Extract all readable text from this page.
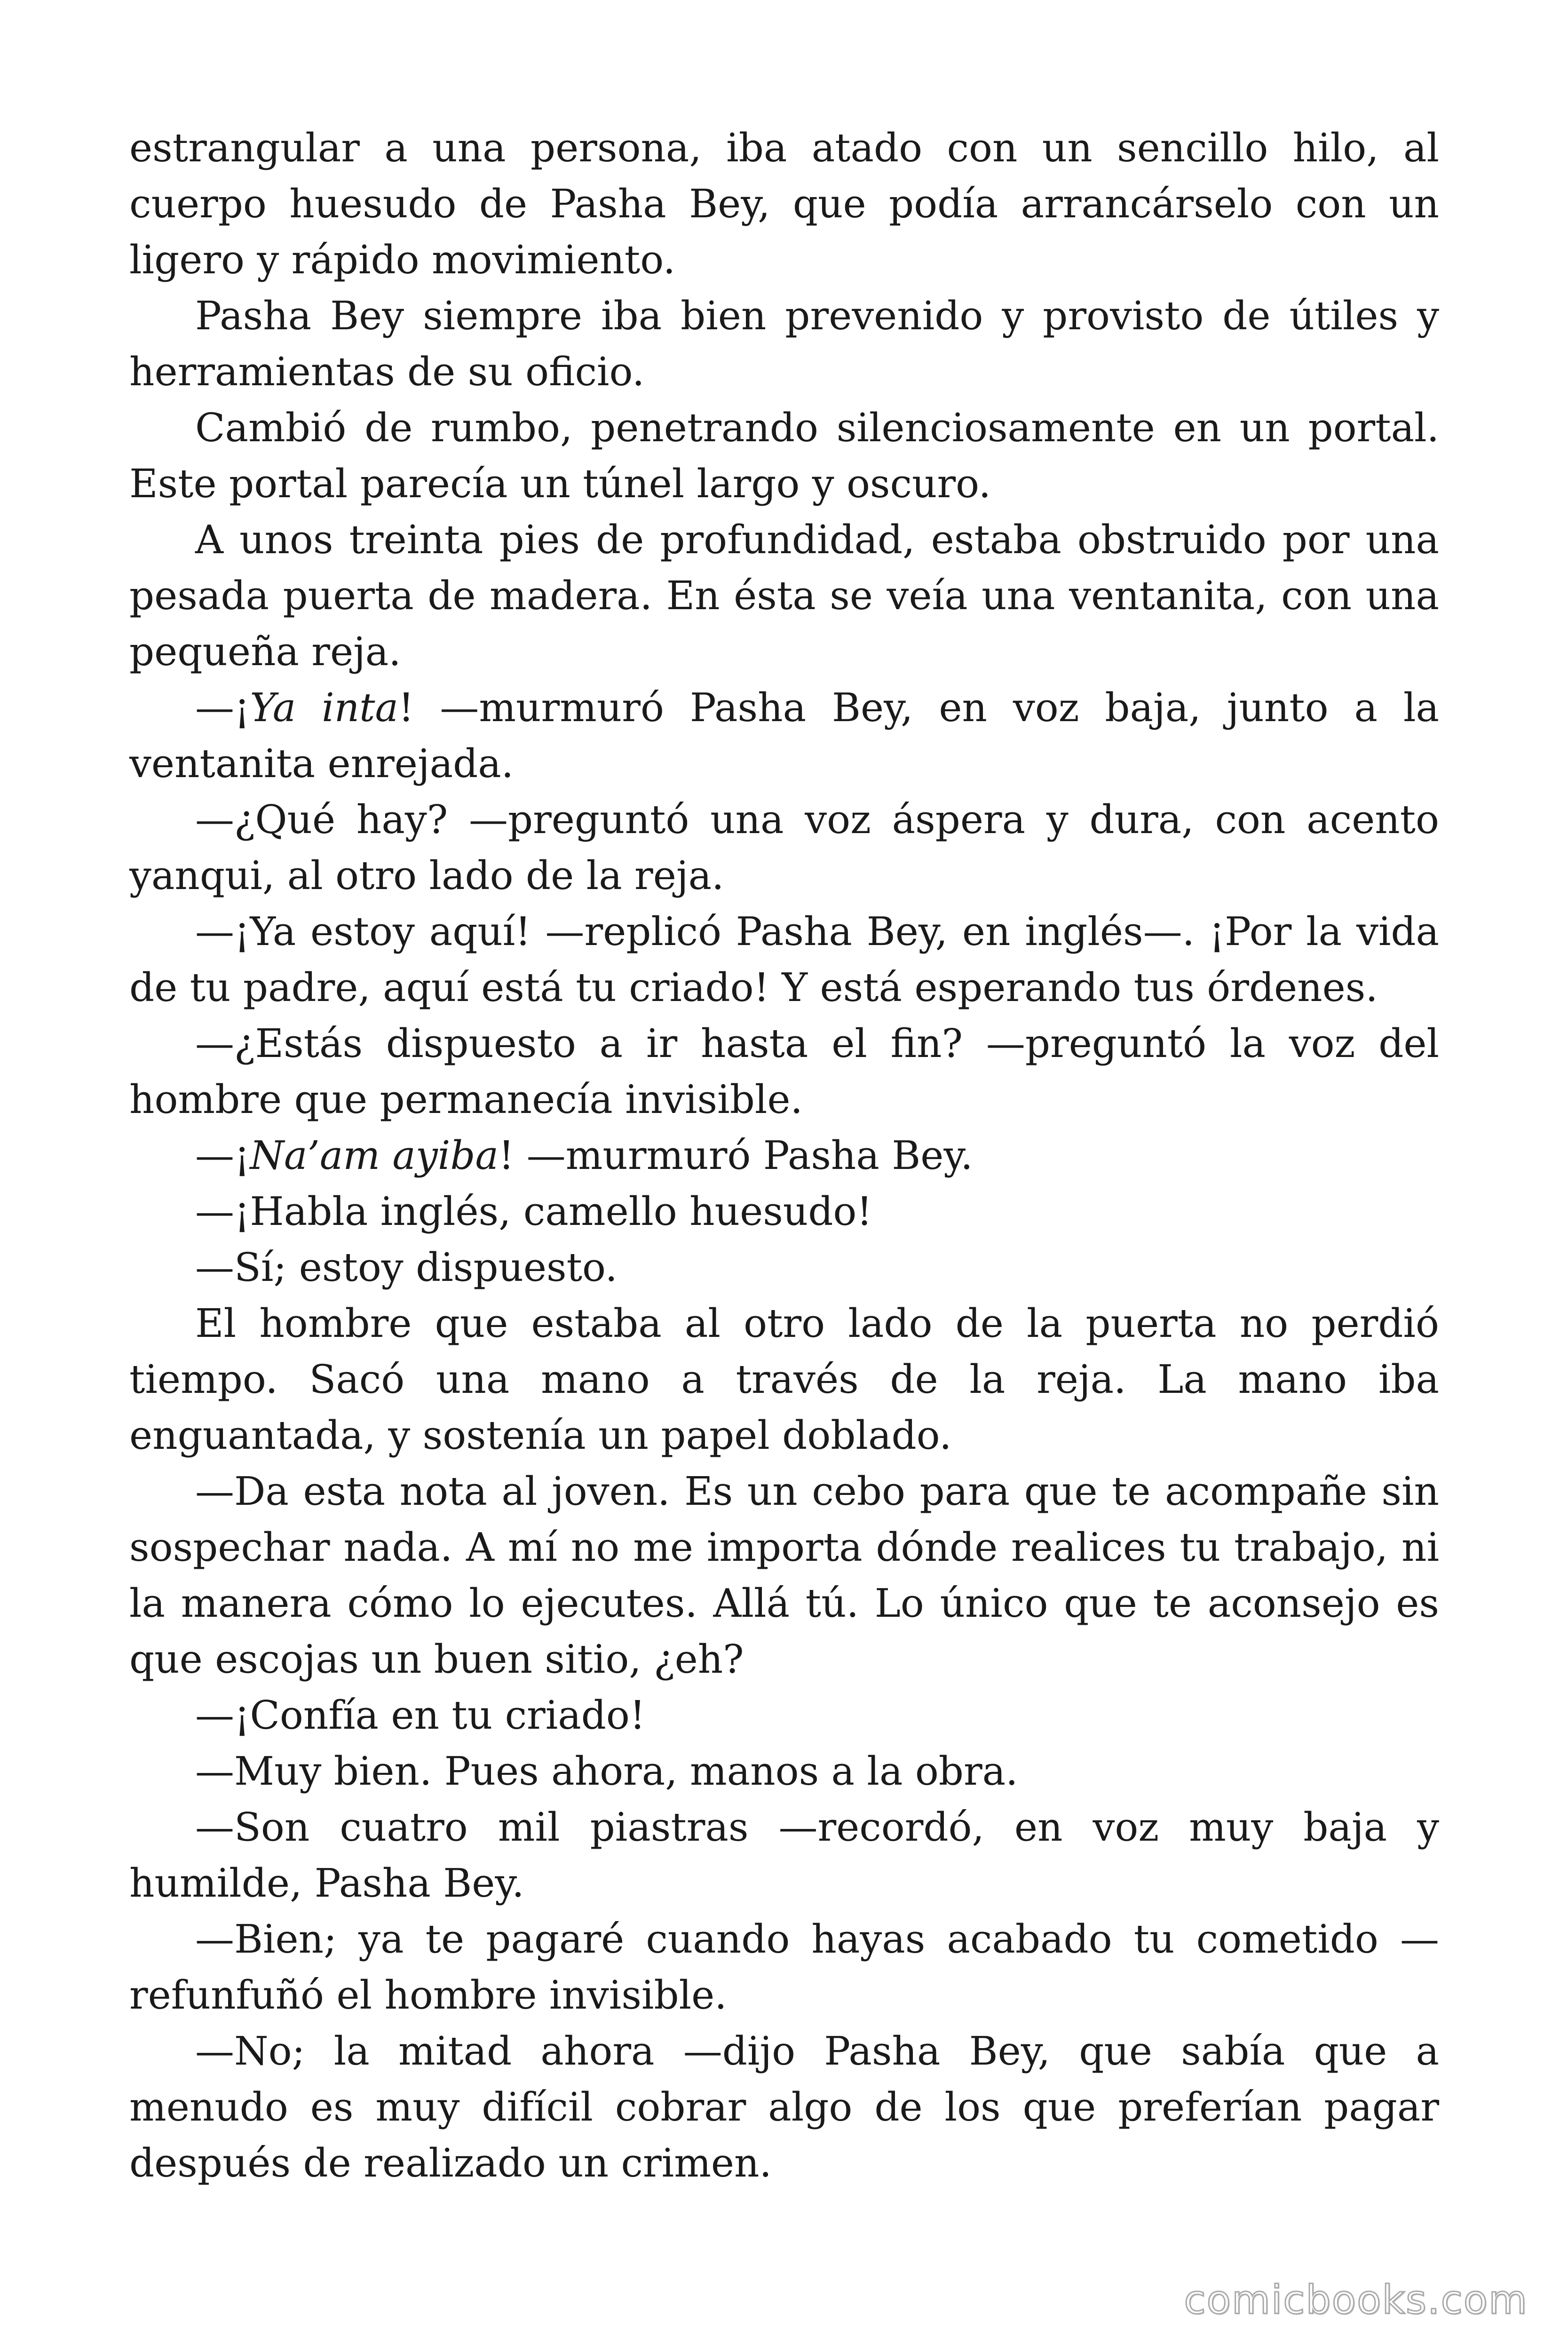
estrangular a una persona, iba atado con un sencillo hilo, al cuerpo huesudo de Pasha Bey, que podía arrancárselo con un ligero y rápido movimiento.

Pasha Bey siempre iba bien prevenido y provisto de útiles y herramientas de su oficio.

Cambió de rumbo, penetrando silenciosamente en un portal. Este portal parecía un túnel largo y oscuro.

A unos treinta pies de profundidad, estaba obstruido por una pesada puerta de madera. En ésta se veía una ventanita, con una pequeña reja.

—¡Ya inta! —murmuró Pasha Bey, en voz baja, junto a la ventanita enrejada.

—¿Qué hay? —preguntó una voz áspera y dura, con acento yanqui, al otro lado de la reja.

—¡Ya estoy aquí! —replicó Pasha Bey, en inglés—. ¡Por la vida de tu padre, aquí está tu criado! Y está esperando tus órdenes.

—¿Estás dispuesto a ir hasta el fin? —preguntó la voz del hombre que permanecía invisible.

—¡Na’am ayiba! —murmuró Pasha Bey.

—¡Habla inglés, camello huesudo!

—Sí; estoy dispuesto.

El hombre que estaba al otro lado de la puerta no perdió tiempo. Sacó una mano a través de la reja. La mano iba enguantada, y sostenía un papel doblado.

—Da esta nota al joven. Es un cebo para que te acompañe sin sospechar nada. A mí no me importa dónde realices tu trabajo, ni la manera cómo lo ejecutes. Allá tú. Lo único que te aconsejo es que escojas un buen sitio, ¿eh?

—¡Confía en tu criado!

—Muy bien. Pues ahora, manos a la obra.

—Son cuatro mil piastras —recordó, en voz muy baja y humilde, Pasha Bey.

—Bien; ya te pagaré cuando hayas acabado tu cometido — refunfuñó el hombre invisible.

—No; la mitad ahora —dijo Pasha Bey, que sabía que a menudo es muy difícil cobrar algo de los que preferían pagar después de realizado un crimen.

comicbooks.com
